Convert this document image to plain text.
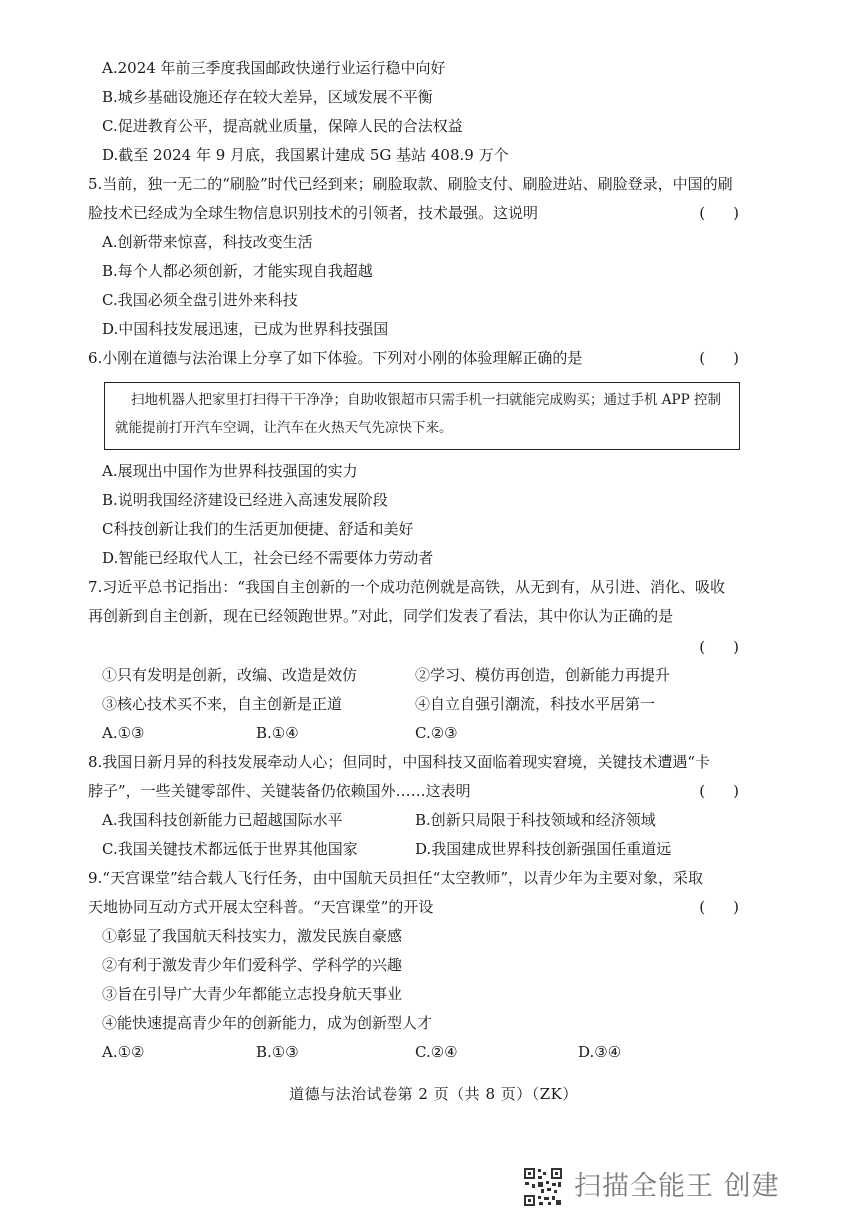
A.2024 年前三季度我国邮政快递行业运行稳中向好
B.城乡基础设施还存在较大差异，区域发展不平衡
C.促进教育公平，提高就业质量，保障人民的合法权益
D.截至 2024 年 9 月底，我国累计建成 5G 基站 408.9 万个
5.当前，独一无二的“刷脸”时代已经到来；刷脸取款、刷脸支付、刷脸进站、刷脸登录，中国的刷
脸技术已经成为全球生物信息识别技术的引领者，技术最强。这说明	()
A.创新带来惊喜，科技改变生活
B.每个人都必须创新，才能实现自我超越
C.我国必须全盘引进外来科技
D.中国科技发展迅速，已成为世界科技强国
6.小刚在道德与法治课上分享了如下体验。下列对小刚的体验理解正确的是	()
扫地机器人把家里打扫得干干净净；自助收银超市只需手机一扫就能完成购买；通过手机 APP 控制
就能提前打开汽车空调，让汽车在火热天气先凉快下来。
A.展现出中国作为世界科技强国的实力
B.说明我国经济建设已经进入高速发展阶段
C科技创新让我们的生活更加便捷、舒适和美好
D.智能已经取代人工，社会已经不需要体力劳动者
7.习近平总书记指出：“我国自主创新的一个成功范例就是高铁，从无到有，从引进、消化、吸收
再创新到自主创新，现在已经领跑世界。”对此，同学们发表了看法，其中你认为正确的是
()
①只有发明是创新，改编、改造是效仿	②学习、模仿再创造，创新能力再提升
③核心技术买不来，自主创新是正道	④自立自强引潮流，科技水平居第一
A.①③	B.①④	C.②③
8.我国日新月异的科技发展牵动人心；但同时，中国科技又面临着现实窘境，关键技术遭遇“卡
脖子”，一些关键零部件、关键装备仍依赖国外……这表明	()
A.我国科技创新能力已超越国际水平	B.创新只局限于科技领域和经济领域
C.我国关键技术都远低于世界其他国家	D.我国建成世界科技创新强国任重道远
9.“天宫课堂”结合载人飞行任务，由中国航天员担任“太空教师”，以青少年为主要对象，采取
天地协同互动方式开展太空科普。“天宫课堂”的开设	()
①彰显了我国航天科技实力，激发民族自豪感
②有利于激发青少年们爱科学、学科学的兴趣
③旨在引导广大青少年都能立志投身航天事业
④能快速提高青少年的创新能力，成为创新型人才
A.①②	B.①③	C.②④	D.③④
道德与法治试卷第 2 页（共 8 页）（ZK）
扫描全能王 创建
